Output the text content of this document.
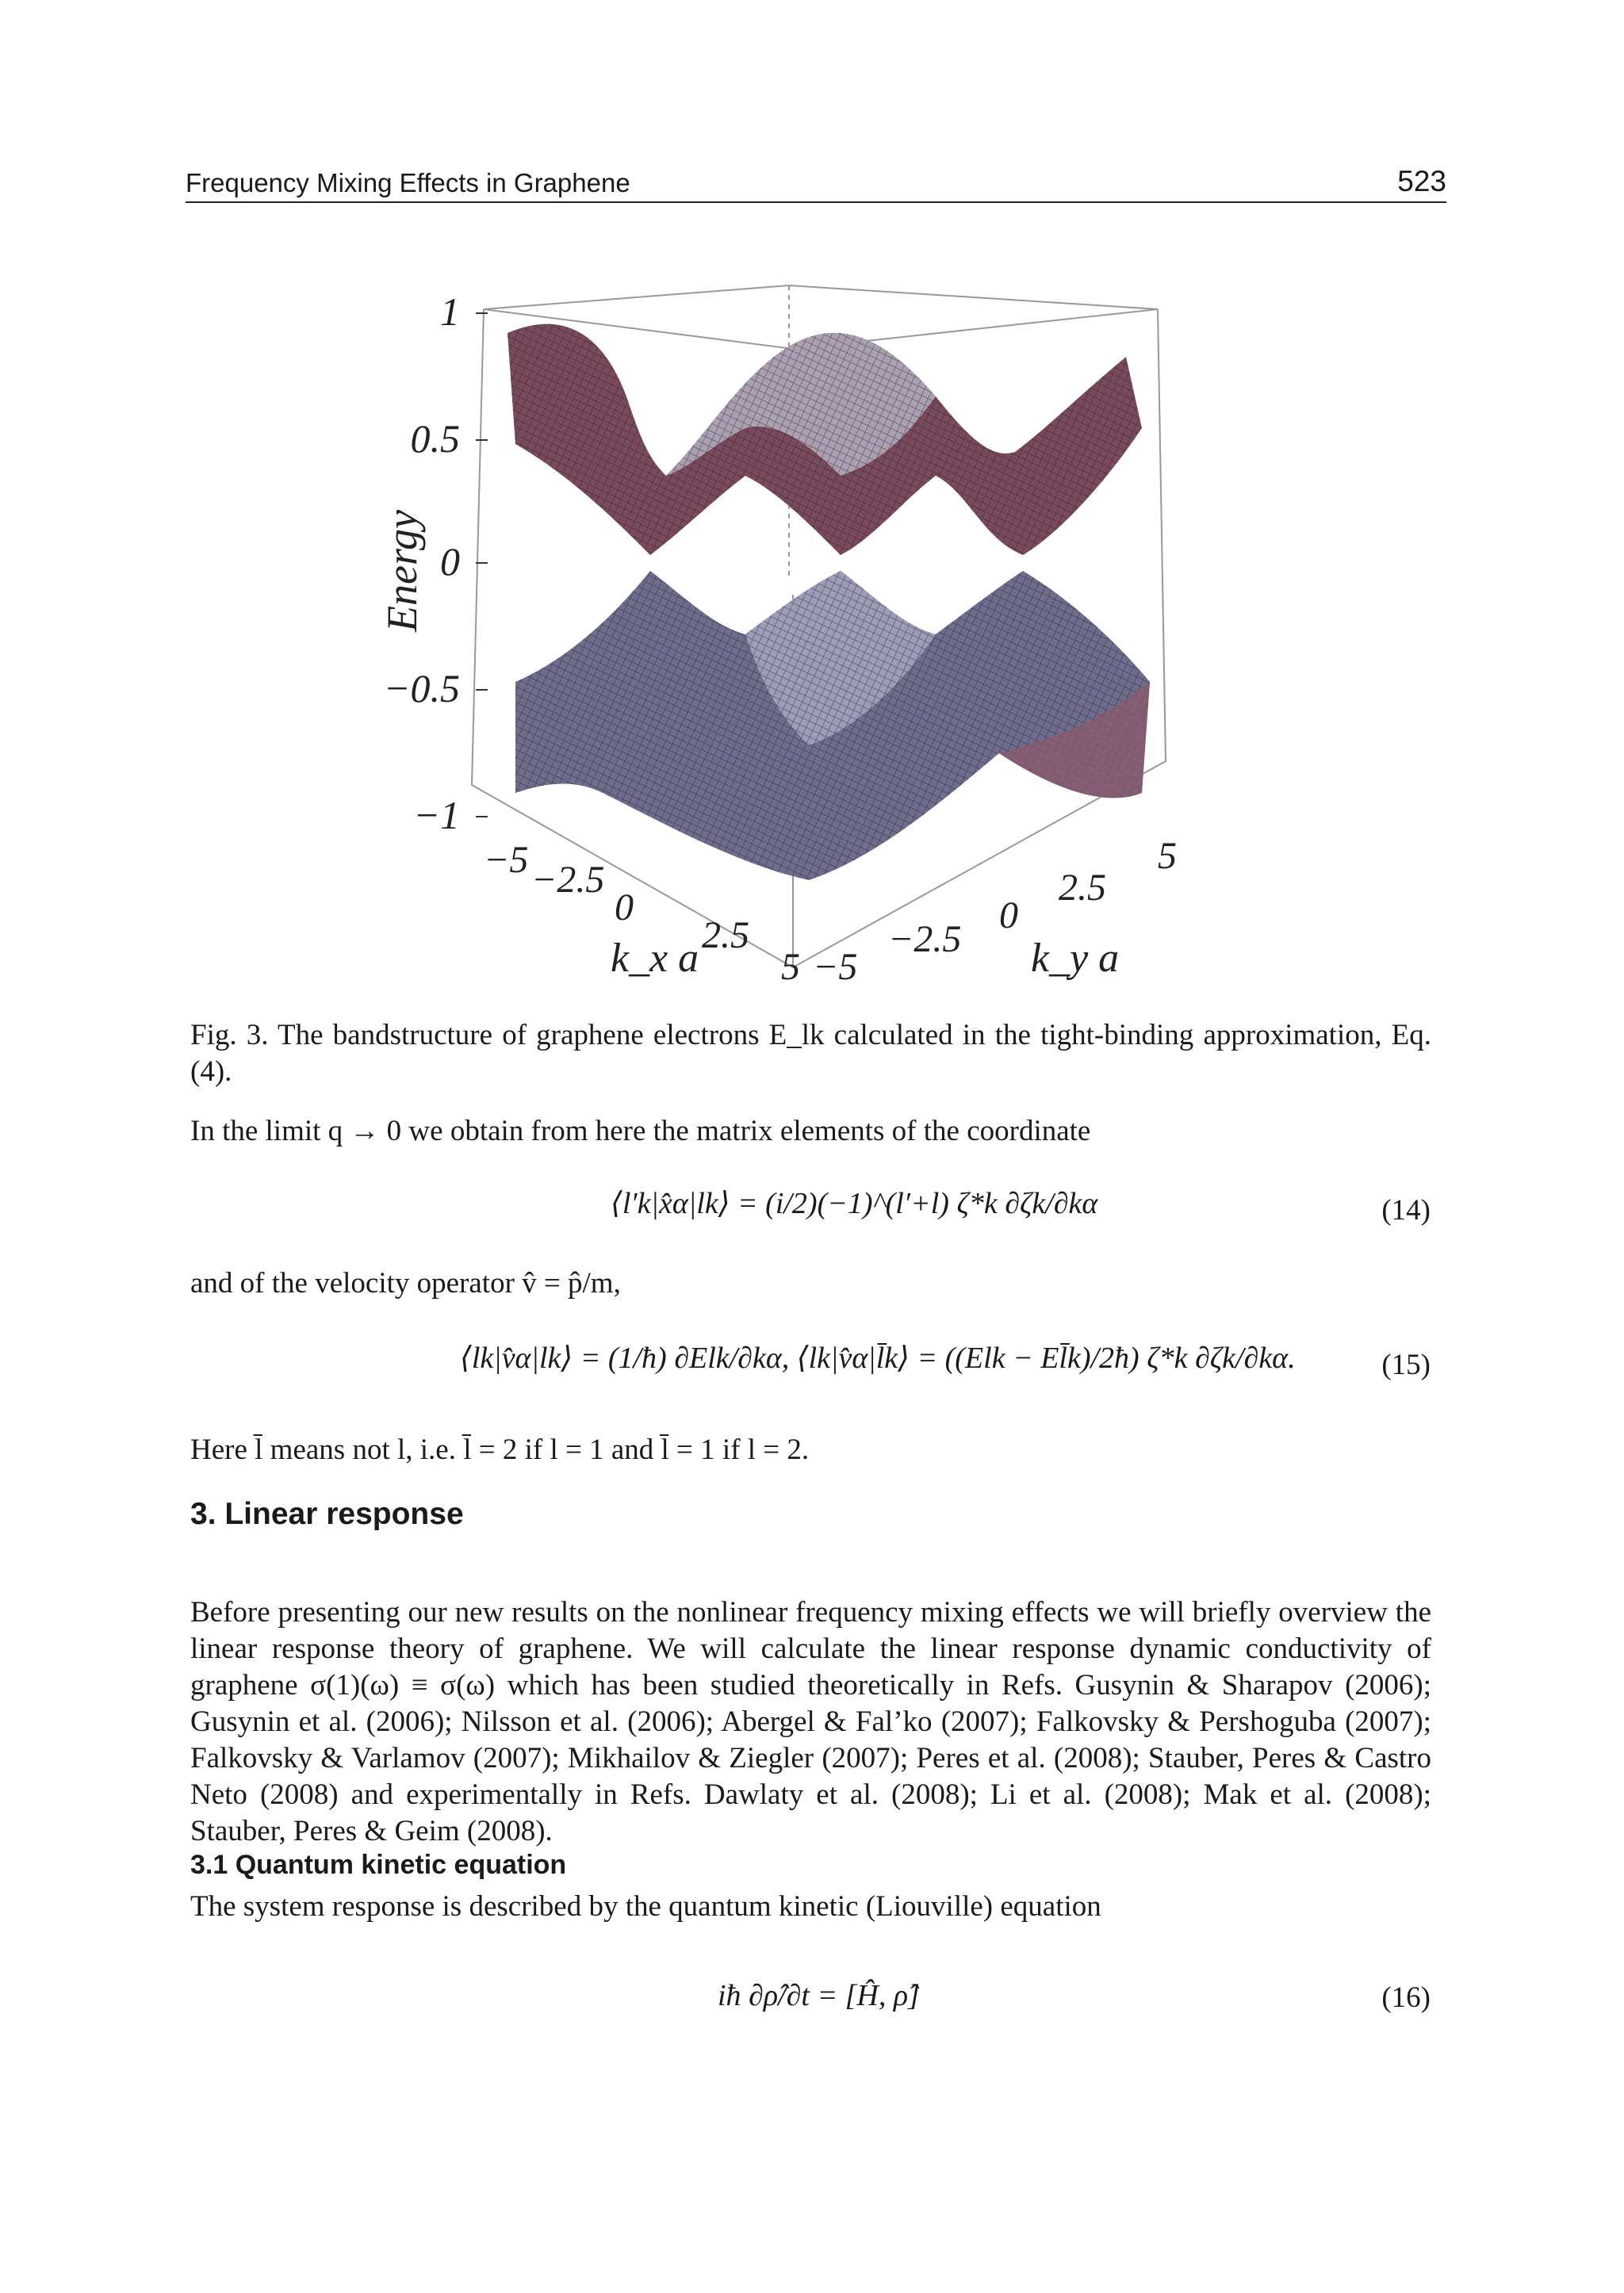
Frequency Mixing Effects in Graphene	523
1
0.5
0
−0.5
−1
Energy
−5 −2.5
0
2.5
5
k_x a	−5
−2.5
0
2.5
5
k_y a
Fig. 3. The bandstructure of graphene electrons E_lk calculated in the tight-binding approximation, Eq. (4).
In the limit q → 0 we obtain from here the matrix elements of the coordinate
⟨l′k|x̂α|lk⟩ = (i/2)(−1)^(l′+l) ζ*k ∂ζk/∂kα	(14)
and of the velocity operator v̂ = p̂/m,
⟨lk|v̂α|lk⟩ = (1/ħ) ∂Elk/∂kα, ⟨lk|v̂α|l̄k⟩ = ((Elk − El̄k)/2ħ) ζ*k ∂ζk/∂kα.	(15)
Here l̄ means not l, i.e. l̄ = 2 if l = 1 and l̄ = 1 if l = 2.
3. Linear response
Before presenting our new results on the nonlinear frequency mixing effects we will briefly overview the linear response theory of graphene. We will calculate the linear response dynamic conductivity of graphene σ(1)(ω) ≡ σ(ω) which has been studied theoretically in Refs. Gusynin & Sharapov (2006); Gusynin et al. (2006); Nilsson et al. (2006); Abergel & Fal’ko (2007); Falkovsky & Pershoguba (2007); Falkovsky & Varlamov (2007); Mikhailov & Ziegler (2007); Peres et al. (2008); Stauber, Peres & Castro Neto (2008) and experimentally in Refs. Dawlaty et al. (2008); Li et al. (2008); Mak et al. (2008); Stauber, Peres & Geim (2008).
3.1 Quantum kinetic equation
The system response is described by the quantum kinetic (Liouville) equation
iħ ∂ρ̂/∂t = [Ĥ, ρ̂]	(16)
